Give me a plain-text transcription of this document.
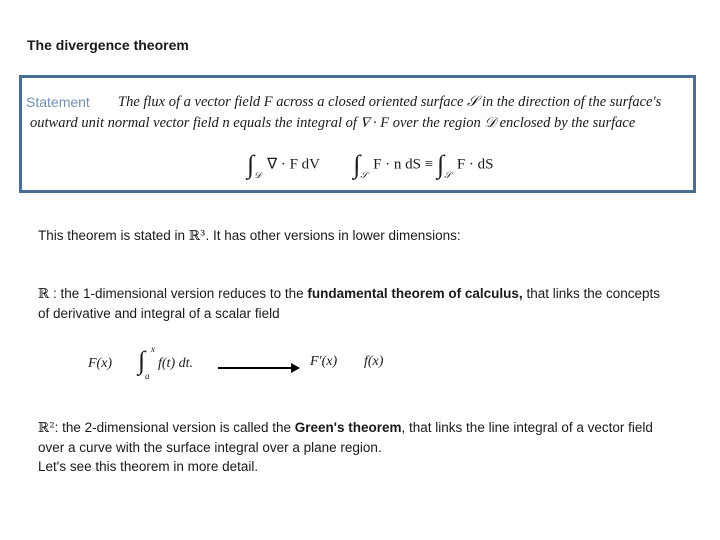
The divergence theorem
Statement	The flux of a vector field F across a closed oriented surface 𝒮 in the direction of the surface's outward unit normal vector field n equals the integral of ∇ · F over the region 𝒟 enclosed by the surface
$\int_𝒟$ ∇ · F dV $\int_𝒮$ F · n dS ≡ $\int_𝒮$ F · dS
This theorem is stated in ℝ³. It has other versions in lower dimensions:
ℝ : the 1-dimensional version reduces to the fundamental theorem of calculus, that links the concepts of derivative and integral of a scalar field
F(x) ∫ x
a
f(t) dt.	F′(x) f(x)
ℝ²: the 2-dimensional version is called the Green's theorem, that links the line integral of a vector field over a curve with the surface integral over a plane region.
Let's see this theorem in more detail.
